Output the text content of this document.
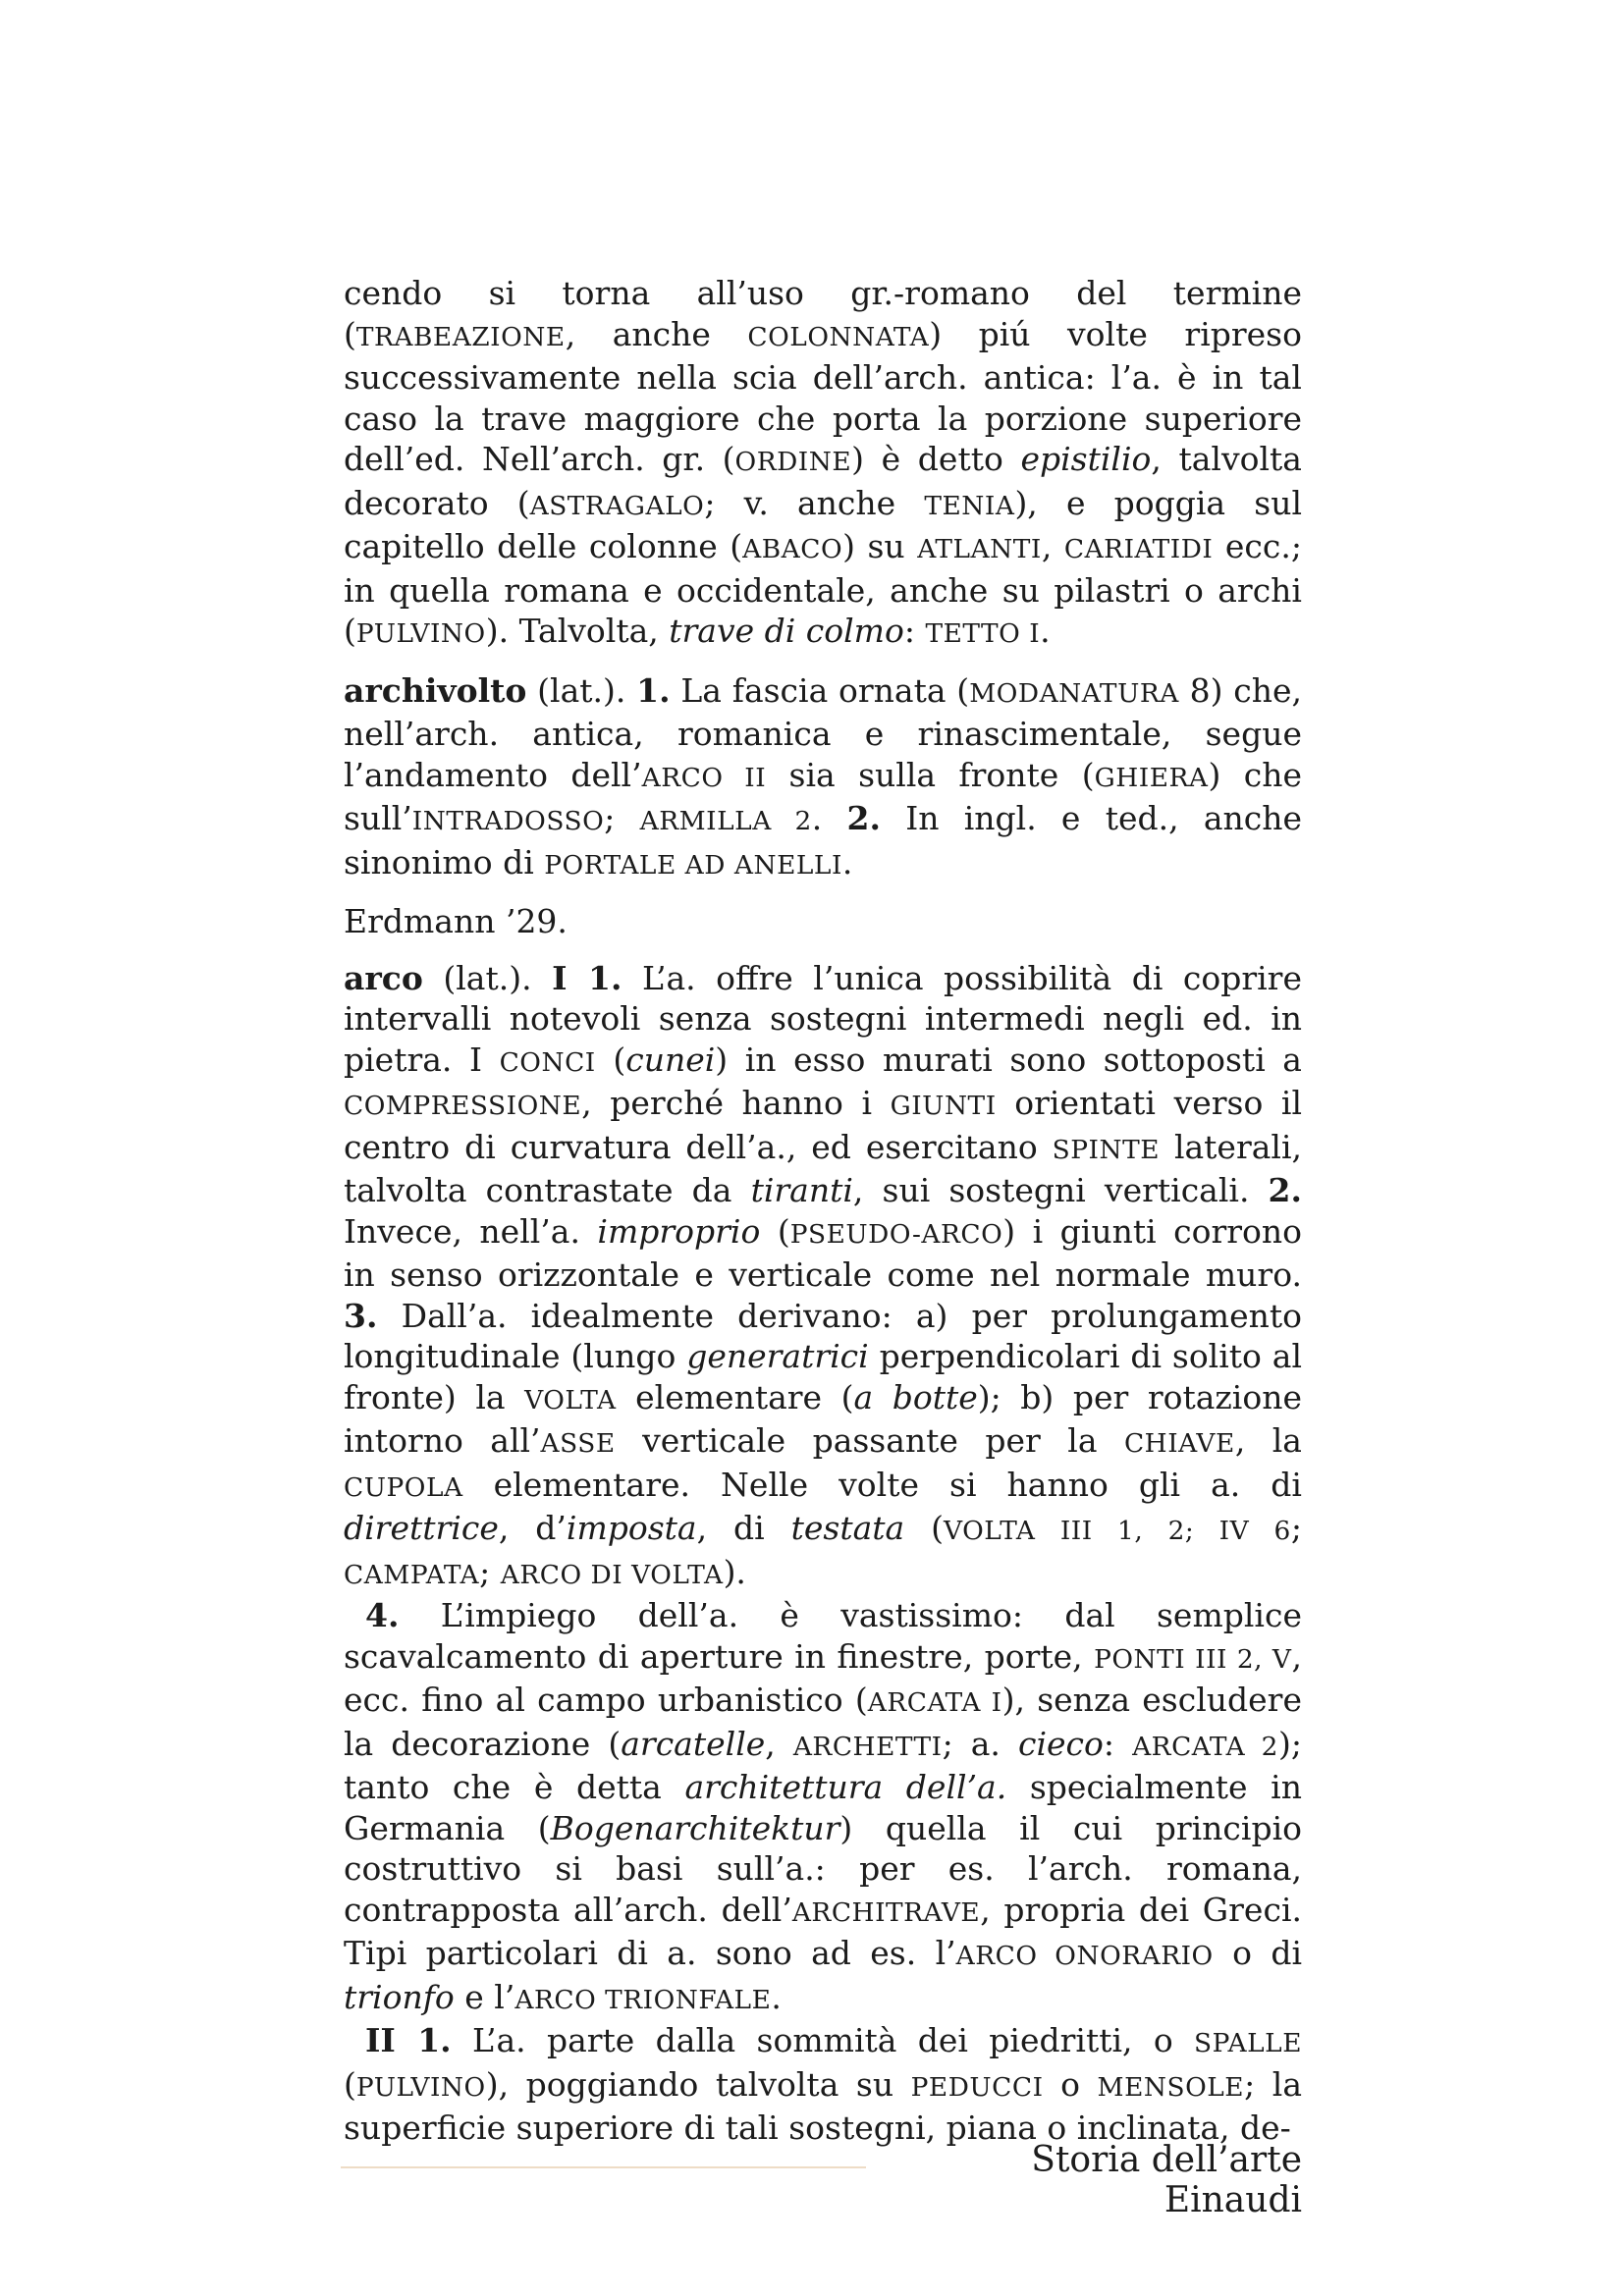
cendo si torna all’uso gr.-romano del termine (TRABEAZIONE, anche COLONNATA) piú volte ripreso successivamente nella scia dell’arch. antica: l’a. è in tal caso la trave maggiore che porta la porzione superiore dell’ed. Nell’arch. gr. (ORDINE) è detto epistilio, talvolta decorato (ASTRAGALO; v. anche TENIA), e poggia sul capitello delle colonne (ABACO) su ATLANTI, CARIATIDI ecc.; in quella romana e occidentale, anche su pilastri o archi (PULVINO). Talvolta, trave di colmo: TETTO I.

archivolto (lat.). 1. La fascia ornata (MODANATURA 8) che, nell’arch. antica, romanica e rinascimentale, segue l’andamento dell’ARCO II sia sulla fronte (GHIERA) che sull’INTRADOSSO; ARMILLA 2. 2. In ingl. e ted., anche sinonimo di PORTALE AD ANELLI.

Erdmann ’29.

arco (lat.). I 1. L’a. offre l’unica possibilità di coprire intervalli notevoli senza sostegni intermedi negli ed. in pietra. I CONCI (cunei) in esso murati sono sottoposti a COMPRESSIONE, perché hanno i GIUNTI orientati verso il centro di curvatura dell’a., ed esercitano SPINTE laterali, talvolta contrastate da tiranti, sui sostegni verticali. 2. Invece, nell’a. improprio (PSEUDO-ARCO) i giunti corrono in senso orizzontale e verticale come nel normale muro. 3. Dall’a. idealmente derivano: a) per prolungamento longitudinale (lungo generatrici perpendicolari di solito al fronte) la VOLTA elementare (a botte); b) per rotazione intorno all’ASSE verticale passante per la CHIAVE, la CUPOLA elementare. Nelle volte si hanno gli a. di direttrice, d’imposta, di testata (VOLTA III 1, 2; IV 6; CAMPATA; ARCO DI VOLTA).

4. L’impiego dell’a. è vastissimo: dal semplice scavalcamento di aperture in finestre, porte, PONTI III 2, V, ecc. fino al campo urbanistico (ARCATA I), senza escludere la decorazione (arcatelle, ARCHETTI; a. cieco: ARCATA 2); tanto che è detta architettura dell’a. specialmente in Germania (Bogenarchitektur) quella il cui principio costruttivo si basi sull’a.: per es. l’arch. romana, contrapposta all’arch. dell’ARCHITRAVE, propria dei Greci. Tipi particolari di a. sono ad es. l’ARCO ONORARIO o di trionfo e l’ARCO TRIONFALE.

II 1. L’a. parte dalla sommità dei piedritti, o SPALLE (PULVINO), poggiando talvolta su PEDUCCI o MENSOLE; la superficie superiore di tali sostegni, piana o inclinata, de-

Storia dell’arte Einaudi
